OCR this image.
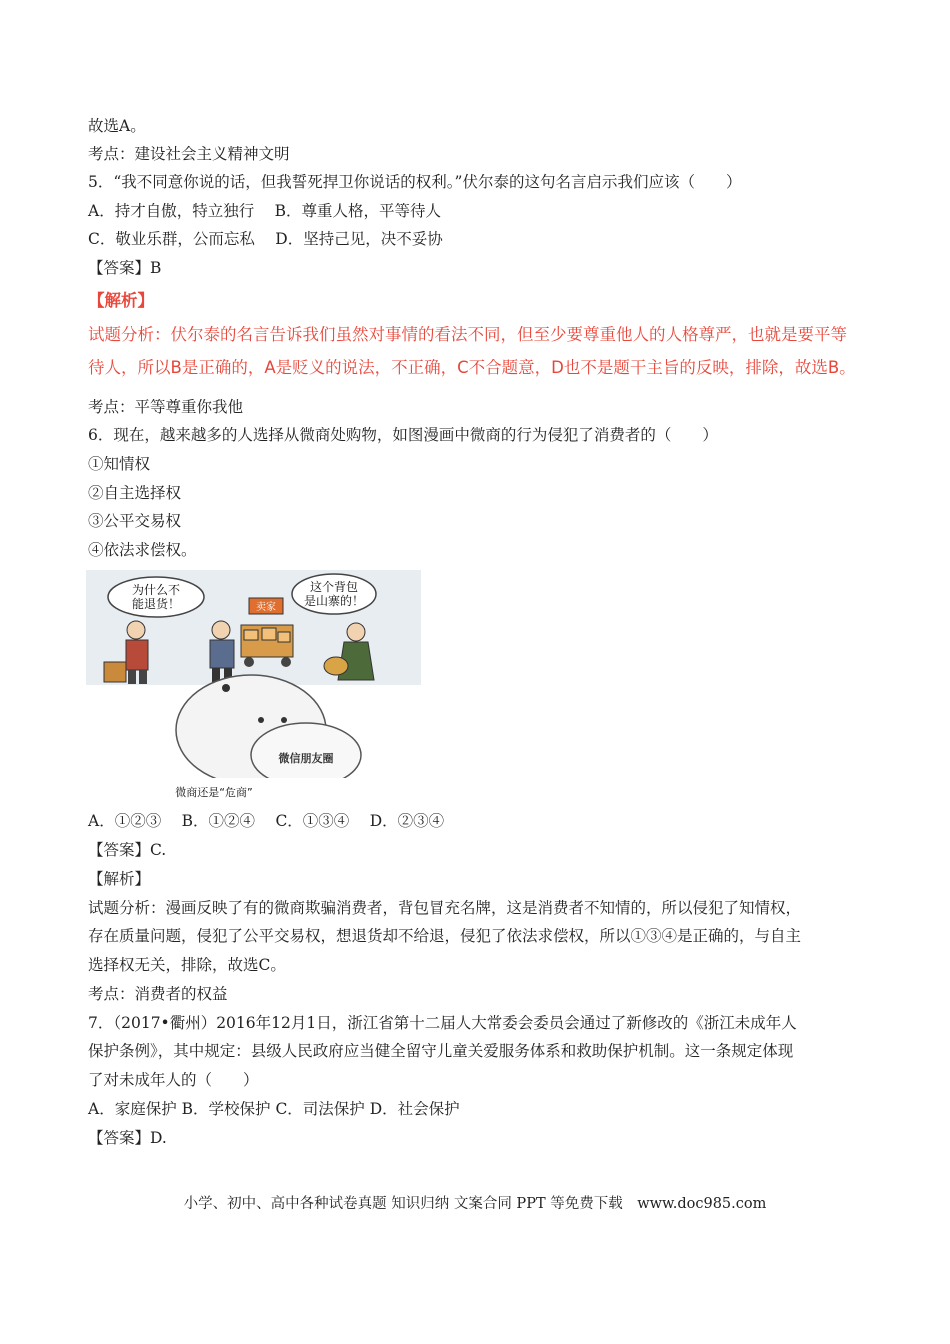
故选A。
考点：建设社会主义精神文明
5．“我不同意你说的话，但我誓死捍卫你说话的权利。”伏尔泰的这句名言启示我们应该（　　）
A．持才自傲，特立独行　 B．尊重人格，平等待人
C．敬业乐群，公而忘私　 D．坚持己见，决不妥协
【答案】B
【解析】
试题分析：伏尔泰的名言告诉我们虽然对事情的看法不同，但至少要尊重他人的人格尊严，也就是要平等
待人，所以B是正确的，A是贬义的说法，不正确，C不合题意，D也不是题干主旨的反映，排除，故选B。
考点：平等尊重你我他
6．现在，越来越多的人选择从微商处购物，如图漫画中微商的行为侵犯了消费者的（　　）
①知情权
②自主选择权
③公平交易权
④依法求偿权。
为什么不
能退货！
这个背包
是山寨的！
卖家
微信朋友圈
微商还是“危商”
A．①②③　 B．①②④　 C．①③④　 D．②③④
【答案】C.
【解析】
试题分析：漫画反映了有的微商欺骗消费者，背包冒充名牌，这是消费者不知情的，所以侵犯了知情权，
存在质量问题，侵犯了公平交易权，想退货却不给退，侵犯了依法求偿权，所以①③④是正确的，与自主
选择权无关，排除，故选C。
考点：消费者的权益
7．（2017•衢州）2016年12月1日，浙江省第十二届人大常委会委员会通过了新修改的《浙江未成年人
保护条例》，其中规定：县级人民政府应当健全留守儿童关爱服务体系和救助保护机制。这一条规定体现
了对未成年人的（　　）
A．家庭保护 B．学校保护 C．司法保护 D．社会保护
【答案】D.
小学、初中、高中各种试卷真题 知识归纳 文案合同 PPT 等免费下载　www.doc985.com
